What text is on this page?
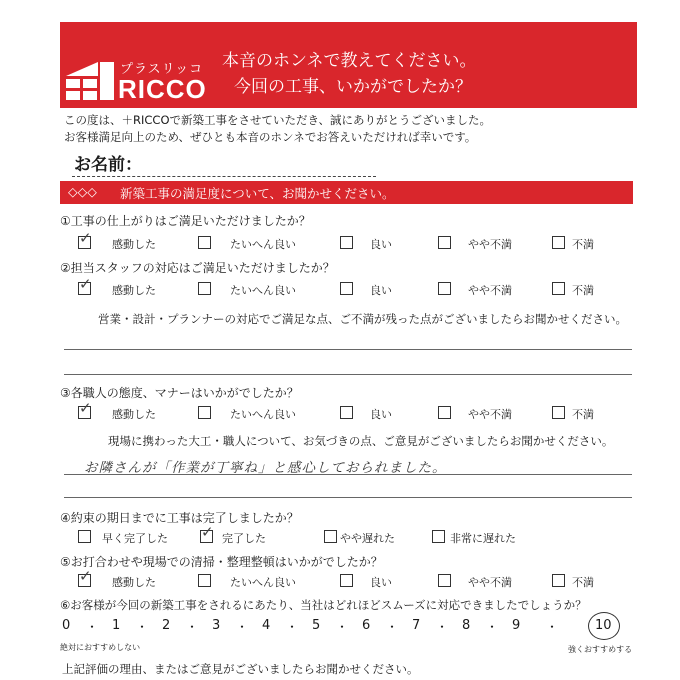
プラスリッコ
RICCO
本音のホンネで教えてください。
今回の工事、いかがでしたか？
この度は、＋RICCOで新築工事をさせていただき、誠にありがとうございました。
お客様満足向上のため、ぜひとも本音のホンネでお答えいただければ幸いです。
お名前：
◇◇◇ 新築工事の満足度について、お聞かせください。
①工事の仕上がりはご満足いただけましたか？
✓ 感動した	たいへん良い	良い	やや不満	不満
②担当スタッフの対応はご満足いただけましたか？
✓ 感動した	たいへん良い	良い	やや不満	不満
営業・設計・プランナーの対応でご満足な点、ご不満が残った点がございましたらお聞かせください。
③各職人の態度、マナーはいかがでしたか？
✓ 感動した	たいへん良い	良い	やや不満	不満
現場に携わった大工・職人について、お気づきの点、ご意見がございましたらお聞かせください。
お隣さんが「作業が丁寧ね」と感心しておられました。
④約束の期日までに工事は完了しましたか？
早く完了した ✓ 完了した	やや遅れた	非常に遅れた
⑤お打合わせや現場での清掃・整理整頓はいかがでしたか？
✓ 感動した	たいへん良い	良い	やや不満	不満
⑥お客様が今回の新築工事をされるにあたり、当社はどれほどスムーズに対応できましたでしょうか？
0 ・ 1 ・ 2 ・ 3 ・ 4 ・ 5 ・ 6 ・ 7 ・ 8 ・ 9 ・	10
絶対におすすめしない	強くおすすめする
上記評価の理由、またはご意見がございましたらお聞かせください。
